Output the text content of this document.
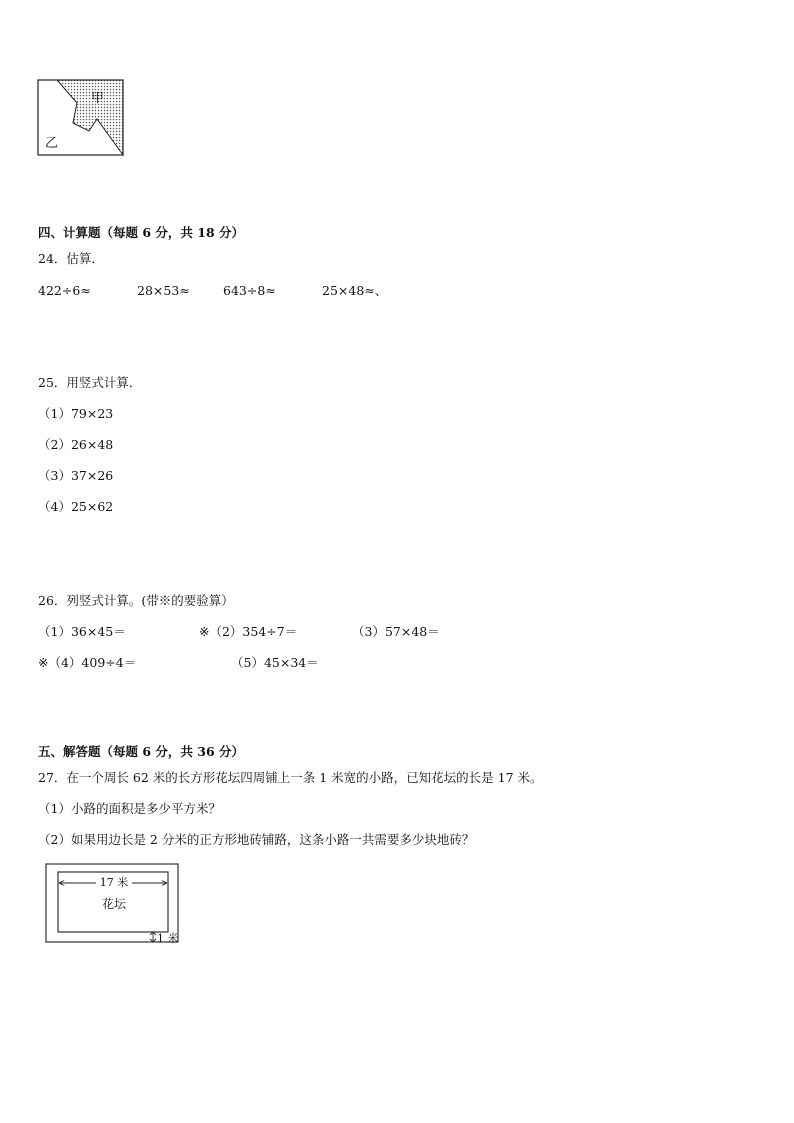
甲
乙
四、计算题（每题 6 分，共 18 分）
24．估算．
422÷6≈	28×53≈	643÷8≈	25×48≈、
25．用竖式计算．
（1）79×23
（2）26×48
（3）37×26
（4）25×62
26．列竖式计算。(带※的要验算）
（1）36×45＝	※（2）354÷7＝	（3）57×48＝
※（4）409÷4＝	（5）45×34＝
五、解答题（每题 6 分，共 36 分）
27．在一个周长 62 米的长方形花坛四周铺上一条 1 米宽的小路，已知花坛的长是 17 米。
（1）小路的面积是多少平方米？
（2）如果用边长是 2 分米的正方形地砖铺路，这条小路一共需要多少块地砖？
17 米
花坛
1 米
